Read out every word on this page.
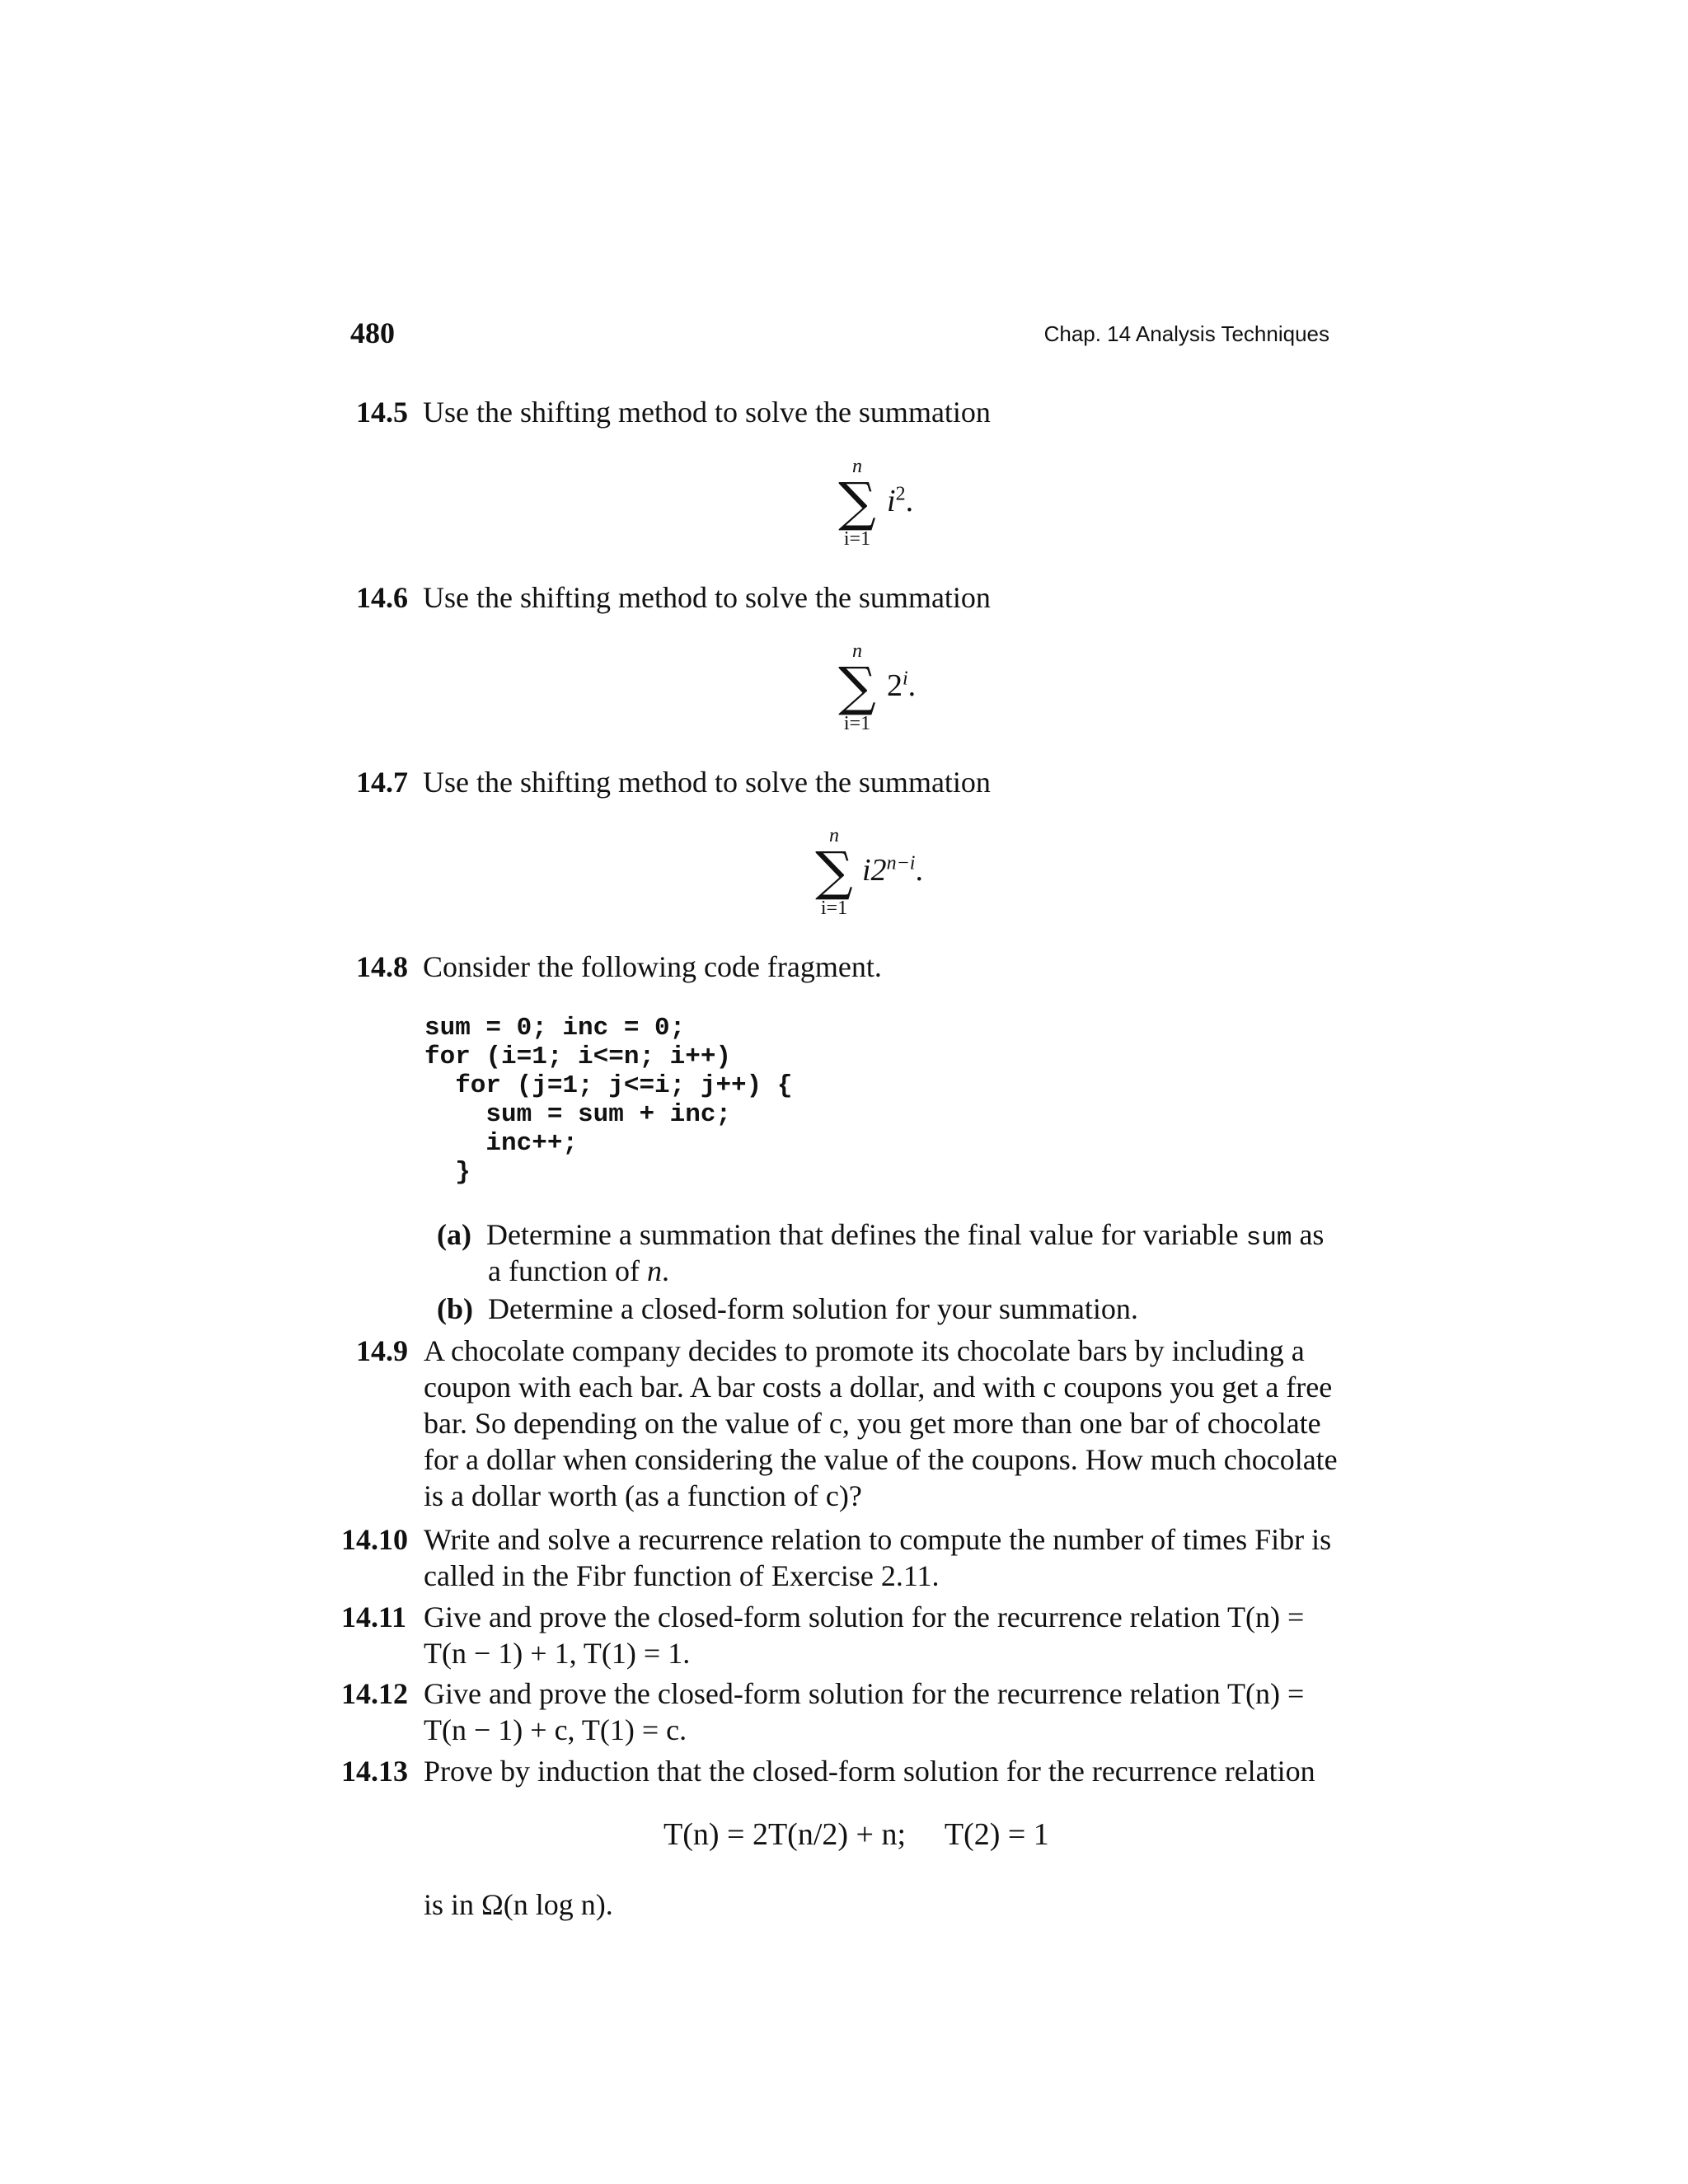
480	Chap. 14 Analysis Techniques
14.5 Use the shifting method to solve the summation
n
∑
i=1
$i^2$.
14.6 Use the shifting method to solve the summation
n
∑
i=1
2$^i$.
14.7 Use the shifting method to solve the summation
n
∑
i=1
$i2^{n-i}$.
14.8 Consider the following code fragment.
sum = 0; inc = 0;
for (i=1; i<=n; i++)
for (j=1; j<=i; j++) {
sum = sum + inc;
inc++;
}
(a) Determine a summation that defines the final value for variable sum as
a function of n.
(b) Determine a closed-form solution for your summation.
14.9 A chocolate company decides to promote its chocolate bars by including a
coupon with each bar. A bar costs a dollar, and with c coupons you get a free
bar. So depending on the value of c, you get more than one bar of chocolate
for a dollar when considering the value of the coupons. How much chocolate
is a dollar worth (as a function of c)?
14.10 Write and solve a recurrence relation to compute the number of times Fibr is
called in the Fibr function of Exercise 2.11.
14.11 Give and prove the closed-form solution for the recurrence relation T(n) =
T(n − 1) + 1, T(1) = 1.
14.12 Give and prove the closed-form solution for the recurrence relation T(n) =
T(n − 1) + c, T(1) = c.
14.13 Prove by induction that the closed-form solution for the recurrence relation
T(n) = 2T(n/2) + n;     T(2) = 1
is in Ω(n log n).
